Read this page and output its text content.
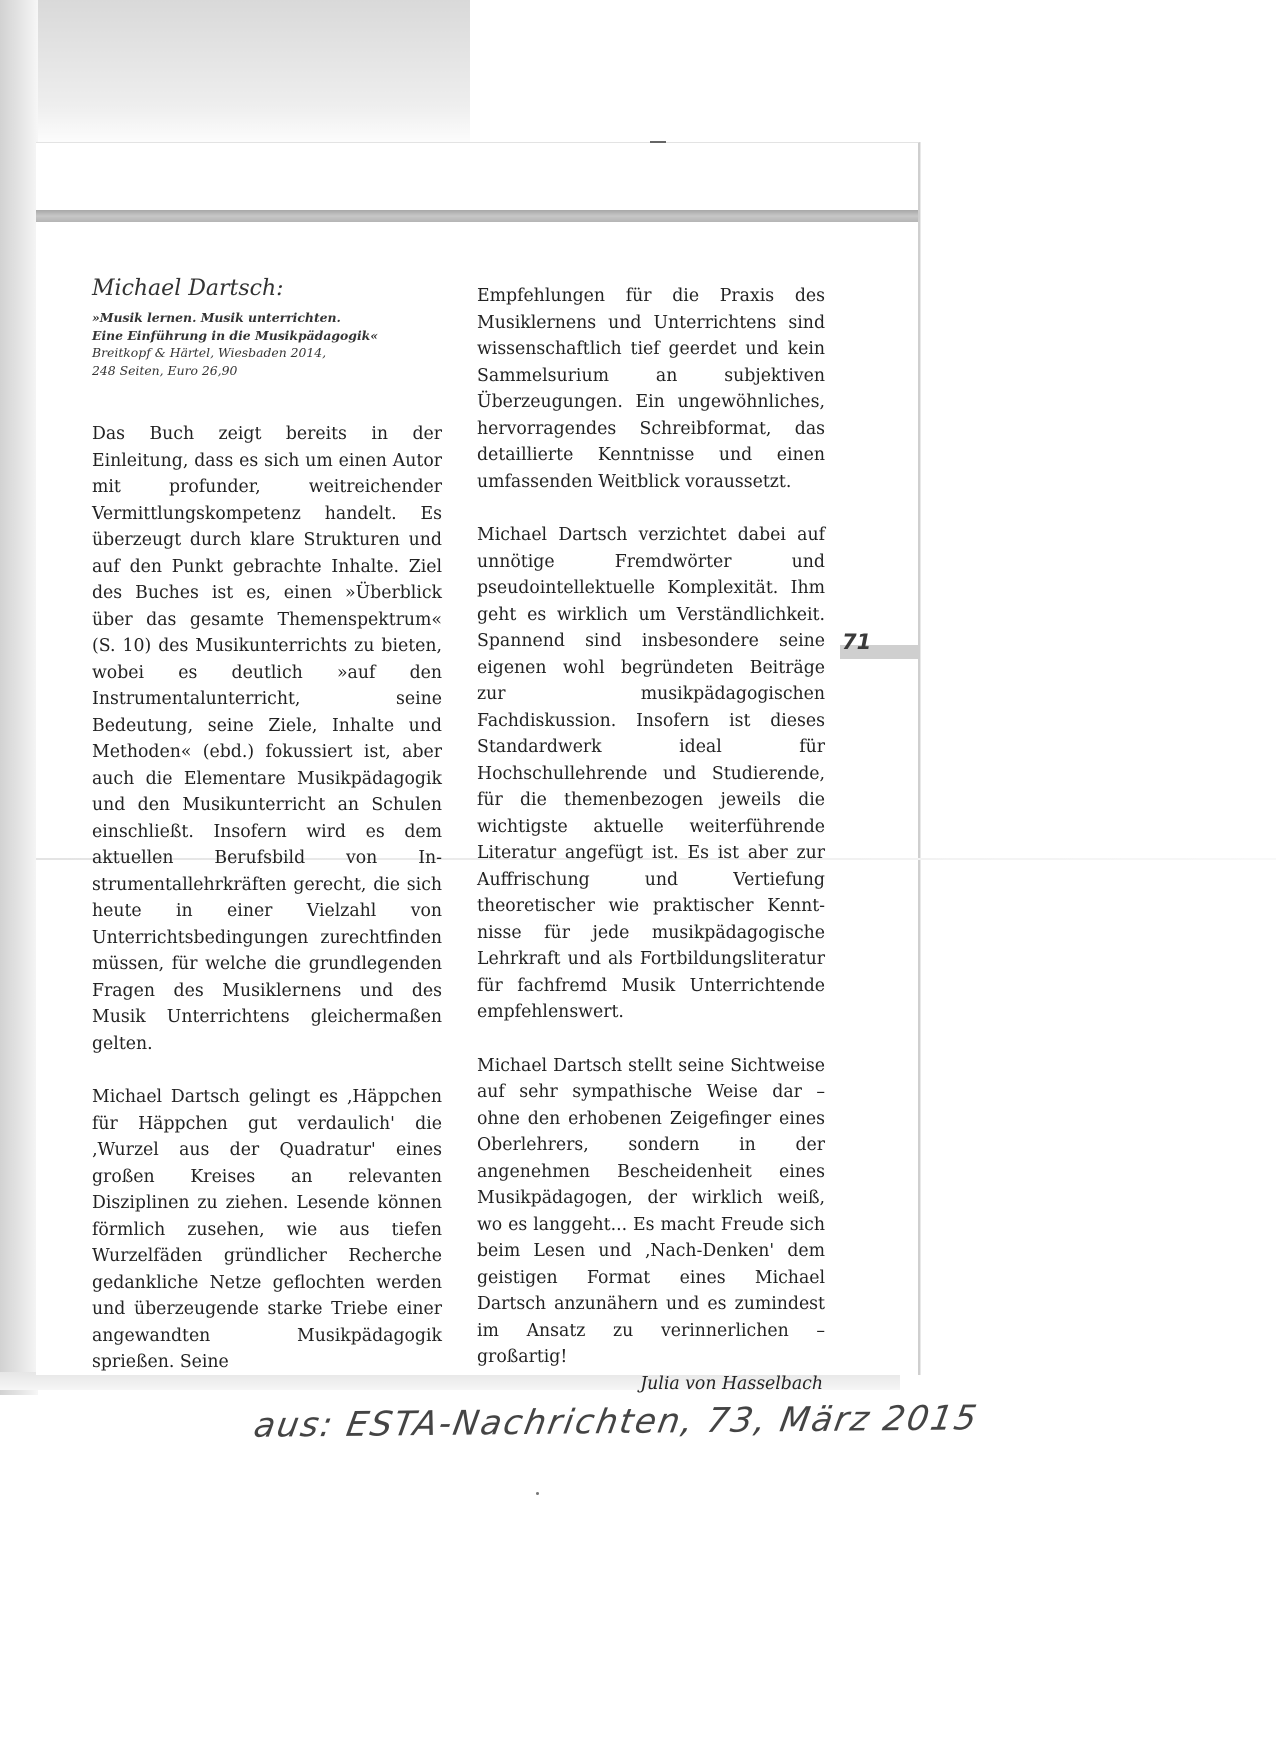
71

Michael Dartsch:

»Musik lernen. Musik unterrichten.

Eine Einführung in die Musikpädagogik«

Breitkopf & Härtel, Wiesbaden 2014,

248 Seiten, Euro 26,90

Das Buch zeigt bereits in der Einleitung, dass es sich um einen Autor mit profunder, weitreichender Vermittlungskompetenz handelt. Es überzeugt durch klare Strukturen und auf den Punkt gebrachte Inhalte. Ziel des Buches ist es, einen »Überblick über das gesamte Themenspektrum« (S. 10) des Musikunterrichts zu bieten, wobei es deutlich »auf den Instrumentalunterricht, seine Bedeutung, seine Ziele, Inhalte und Methoden« (ebd.) fokussiert ist, aber auch die Elementare Musikpädagogik und den Musikunterricht an Schulen einschließt. Insofern wird es dem aktuellen Berufsbild von Instrumentallehrkräften gerecht, die sich heute in einer Vielzahl von Unterrichtsbedingungen zurechtfinden müssen, für welche die grundlegenden Fragen des Musiklernens und des Musik Unterrichtens gleichermaßen gelten.

Michael Dartsch gelingt es ‚Häppchen für Häppchen gut verdaulich' die ‚Wurzel aus der Quadratur' eines großen Kreises an relevanten Disziplinen zu ziehen. Lesende können förmlich zusehen, wie aus tiefen Wurzelfäden gründlicher Recherche gedankliche Netze geflochten werden und überzeugende starke Triebe einer angewandten Musikpädagogik sprießen. Seine

Empfehlungen für die Praxis des Musiklernens und Unterrichtens sind wissenschaftlich tief geerdet und kein Sammelsurium an subjektiven Überzeugungen. Ein ungewöhnliches, hervorragendes Schreibformat, das detaillierte Kenntnisse und einen umfassenden Weitblick voraussetzt.

Michael Dartsch verzichtet dabei auf unnötige Fremdwörter und pseudointellektuelle Komplexität. Ihm geht es wirklich um Verständlichkeit. Spannend sind insbesondere seine eigenen wohl begründeten Beiträge zur musikpädagogischen Fachdiskussion. Insofern ist dieses Standardwerk ideal für Hochschullehrende und Studierende, für die themenbezogen jeweils die wichtigste aktuelle weiterführende Literatur angefügt ist. Es ist aber zur Auffrischung und Vertiefung theoretischer wie praktischer Kenntnisse für jede musikpädagogische Lehrkraft und als Fortbildungsliteratur für fachfremd Musik Unterrichtende empfehlenswert.

Michael Dartsch stellt seine Sichtweise auf sehr sympathische Weise dar – ohne den erhobenen Zeigefinger eines Oberlehrers, sondern in der angenehmen Bescheidenheit eines Musikpädagogen, der wirklich weiß, wo es langgeht... Es macht Freude sich beim Lesen und ‚Nach-Denken' dem geistigen Format eines Michael Dartsch anzunähern und es zumindest im Ansatz zu verinnerlichen – großartig!

Julia von Hasselbach

aus: ESTA-Nachrichten, 73, März 2015
